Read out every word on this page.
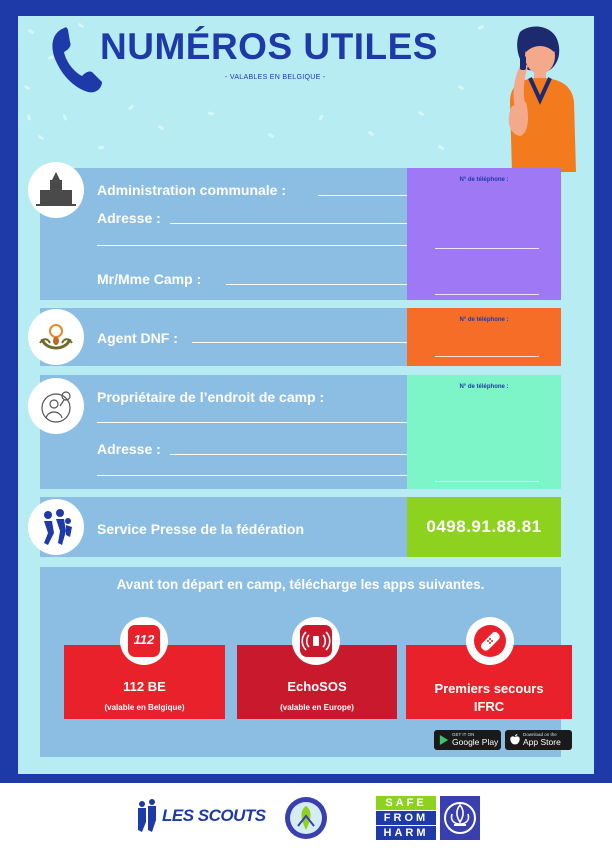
NUMÉROS UTILES
- VALABLES EN BELGIQUE -
Administration communale :
Adresse :
Mr/Mme Camp :
N° de téléphone :
Agent DNF :
N° de téléphone :
Propriétaire de l’endroit de camp :
Adresse :
N° de téléphone :
Service Presse de la fédération	0498.91.88.81
Avant ton départ en camp, télécharge les apps suivantes.
112 BE
(valable en Belgique)
EchoSOS
(valable en Europe)
Premiers secours
IFRC
112
GET IT ON
Google Play
Download on the
App Store
LES SCOUTS
SAFE
FROM
HARM
